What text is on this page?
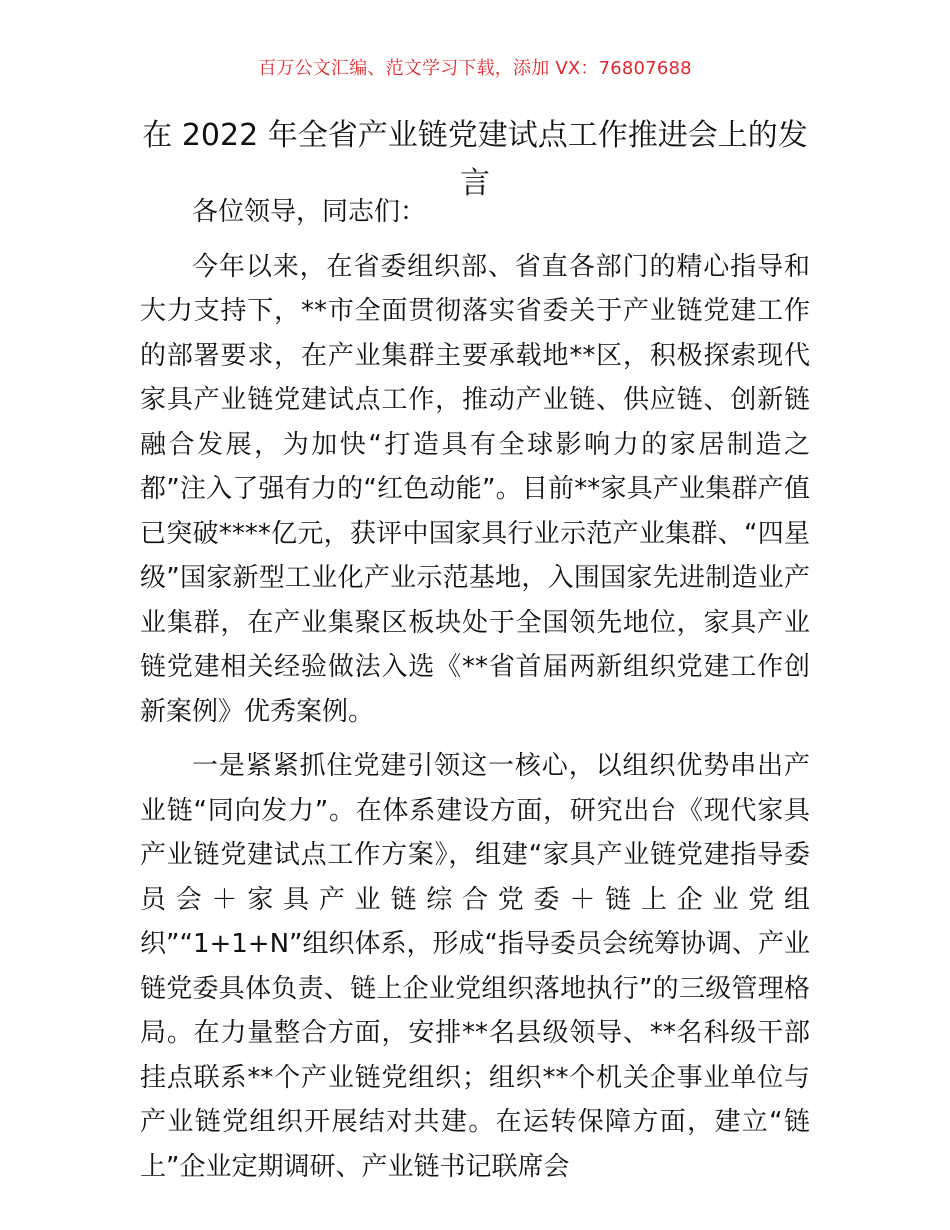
百万公文汇编、范文学习下载，添加 VX：76807688
在 2022 年全省产业链党建试点工作推进会上的发言

各位领导，同志们：

今年以来，在省委组织部、省直各部门的精心指导和大力支持下，**市全面贯彻落实省委关于产业链党建工作的部署要求，在产业集群主要承载地**区，积极探索现代家具产业链党建试点工作，推动产业链、供应链、创新链融合发展，为加快“打造具有全球影响力的家居制造之都”注入了强有力的“红色动能”。目前**家具产业集群产值已突破****亿元，获评中国家具行业示范产业集群、“四星级”国家新型工业化产业示范基地，入围国家先进制造业产业集群，在产业集聚区板块处于全国领先地位，家具产业链党建相关经验做法入选《**省首届两新组织党建工作创新案例》优秀案例。

一是紧紧抓住党建引领这一核心，以组织优势串出产业链“同向发力”。在体系建设方面，研究出台《现代家具产业链党建试点工作方案》，组建“家具产业链党建指导委员会＋家具产业链综合党委＋链上企业党组织”“1+1+N”组织体系，形成“指导委员会统筹协调、产业链党委具体负责、链上企业党组织落地执行”的三级管理格局。在力量整合方面，安排**名县级领导、**名科级干部挂点联系**个产业链党组织；组织**个机关企事业单位与产业链党组织开展结对共建。在运转保障方面，建立“链上”企业定期调研、产业链书记联席会
